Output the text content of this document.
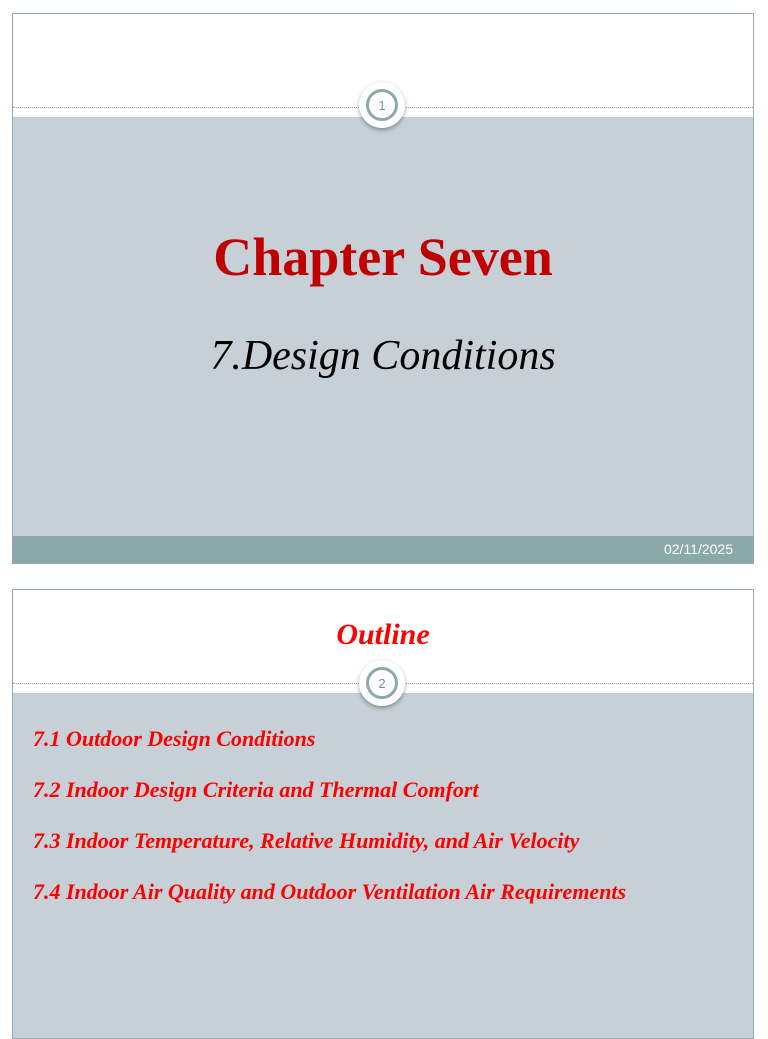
1
Chapter Seven
7.Design Conditions
02/11/2025
Outline
2
7.1 Outdoor Design Conditions
7.2 Indoor Design Criteria and Thermal Comfort
7.3 Indoor Temperature, Relative Humidity, and Air Velocity
7.4 Indoor Air Quality and Outdoor Ventilation Air Requirements
